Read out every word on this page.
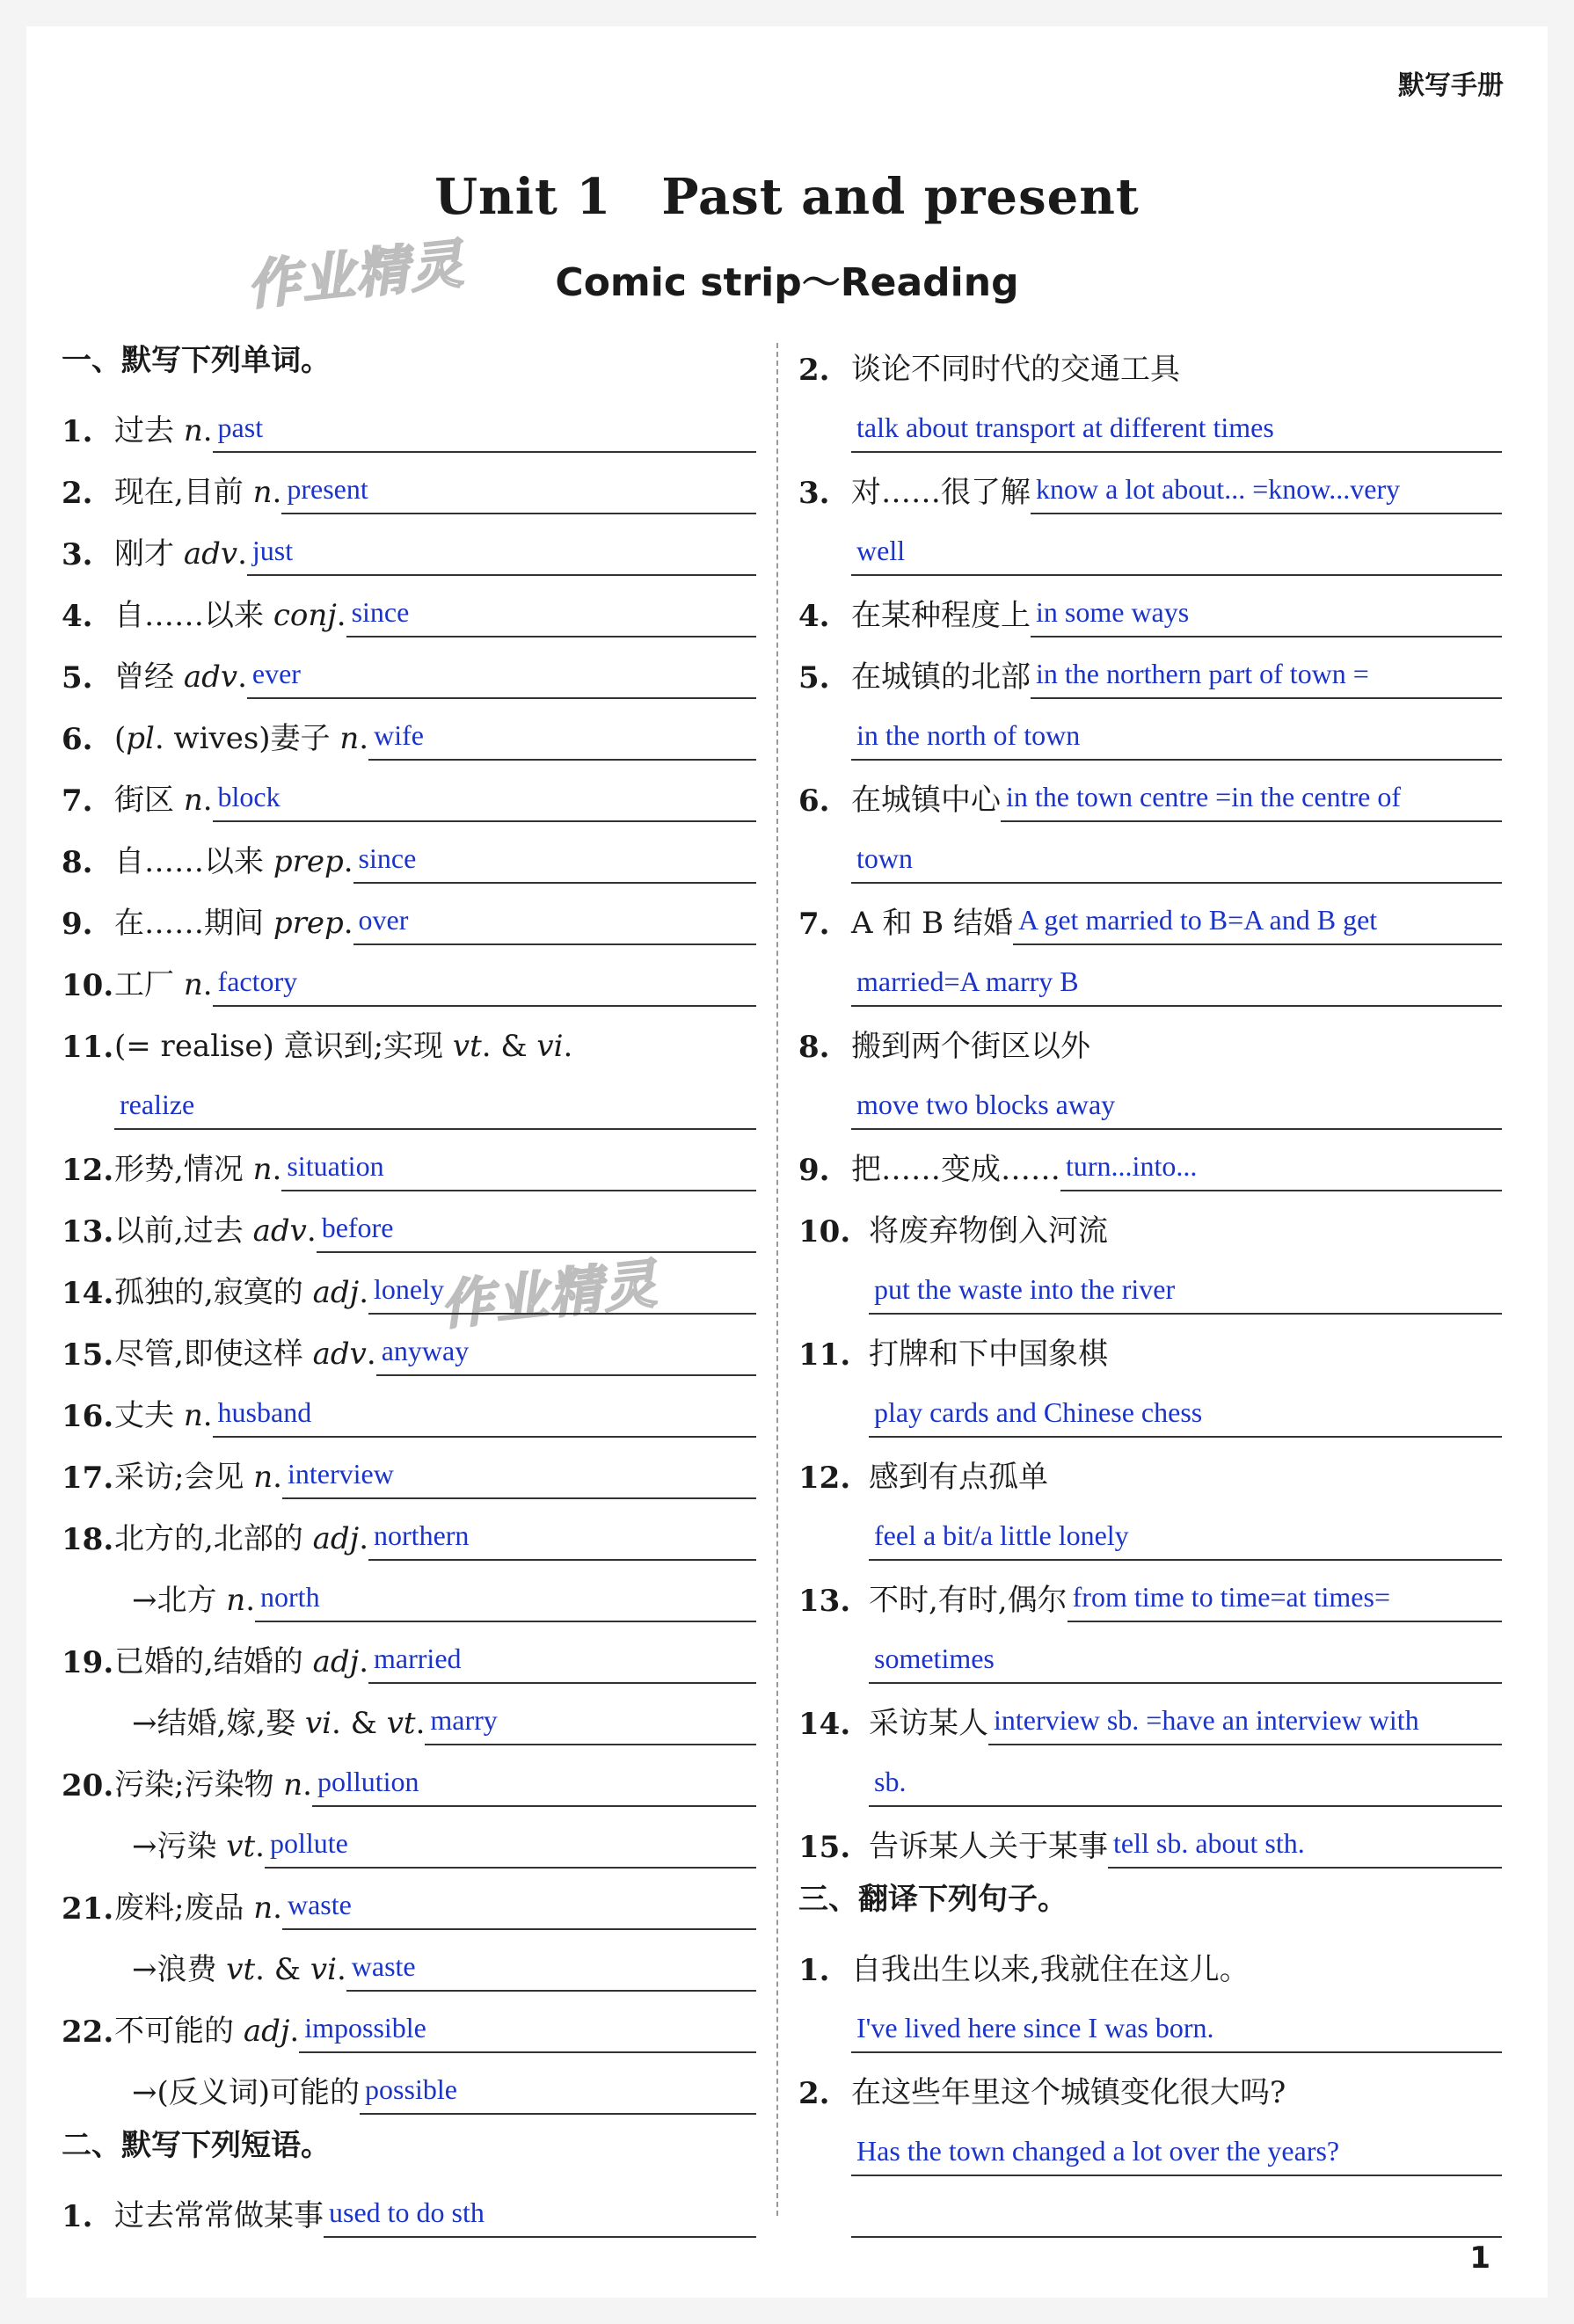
默写手册
Unit 1　Past and present
Comic strip～Reading
作业精灵
作业精灵
一、默写下列单词。
1. 过去 n. past
2. 现在,目前 n. present
3. 刚才 adv. just
4. 自……以来 conj. since
5. 曾经 adv. ever
6. (pl. wives)妻子 n. wife
7. 街区 n. block
8. 自……以来 prep. since
9. 在……期间 prep. over
10. 工厂 n. factory
11. (= realise) 意识到;实现 vt. & vi.
realize
12. 形势,情况 n. situation
13. 以前,过去 adv. before
14. 孤独的,寂寞的 adj. lonely
15. 尽管,即使这样 adv. anyway
16. 丈夫 n. husband
17. 采访;会见 n. interview
18. 北方的,北部的 adj. northern
→北方 n. north
19. 已婚的,结婚的 adj. married
→结婚,嫁,娶 vi. & vt. marry
20. 污染;污染物 n. pollution
→污染 vt. pollute
21. 废料;废品 n. waste
→浪费 vt. & vi. waste
22. 不可能的 adj. impossible
→(反义词)可能的 possible
二、默写下列短语。
1. 过去常常做某事 used to do sth
2. 谈论不同时代的交通工具
talk about transport at different times
3. 对……很了解 know a lot about... =know...very
well
4. 在某种程度上 in some ways
5. 在城镇的北部 in the northern part of town =
in the north of town
6. 在城镇中心 in the town centre =in the centre of
town
7. A 和 B 结婚 A get married to B=A and B get
married=A marry B
8. 搬到两个街区以外
move two blocks away
9. 把……变成…… turn...into...
10. 将废弃物倒入河流
put the waste into the river
11. 打牌和下中国象棋
play cards and Chinese chess
12. 感到有点孤单
feel a bit/a little lonely
13. 不时,有时,偶尔 from time to time=at times=
sometimes
14. 采访某人 interview sb. =have an interview with
sb.
15. 告诉某人关于某事 tell sb. about sth.
三、翻译下列句子。
1. 自我出生以来,我就住在这儿。
I've lived here since I was born.
2. 在这些年里这个城镇变化很大吗?
Has the town changed a lot over the years?
1
